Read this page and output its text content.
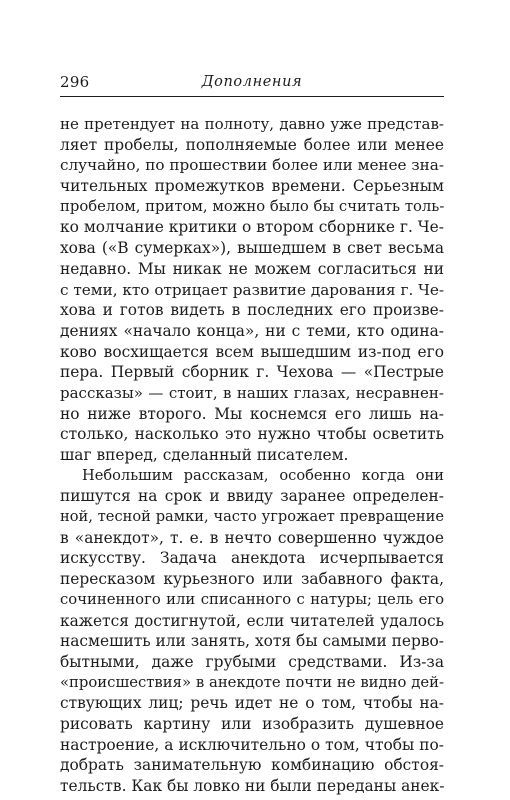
296	Дополнения
не претендует на полноту, давно уже представ-
ляет пробелы, пополняемые более или менее
случайно, по прошествии более или менее зна-
чительных промежутков времени. Серьезным
пробелом, притом, можно было бы считать толь-
ко молчание критики о втором сборнике г. Че-
хова («В сумерках»), вышедшем в свет весьма
недавно. Мы никак не можем согласиться ни
с теми, кто отрицает развитие дарования г. Че-
хова и готов видеть в последних его произве-
дениях «начало конца», ни с теми, кто одина-
ково восхищается всем вышедшим из-под его
пера. Первый сборник г. Чехова — «Пестрые
рассказы» — стоит, в наших глазах, несравнен-
но ниже второго. Мы коснемся его лишь на-
столько, насколько это нужно чтобы осветить
шаг вперед, сделанный писателем.
Небольшим рассказам, особенно когда они
пишутся на срок и ввиду заранее определен-
ной, тесной рамки, часто угрожает превращение
в «анекдот», т. е. в нечто совершенно чуждое
искусству. Задача анекдота исчерпывается
пересказом курьезного или забавного факта,
сочиненного или списанного с натуры; цель его
кажется достигнутой, если читателей удалось
насмешить или занять, хотя бы самыми перво-
бытными, даже грубыми средствами. Из-за
«происшествия» в анекдоте почти не видно дей-
ствующих лиц; речь идет не о том, чтобы на-
рисовать картину или изобразить душевное
настроение, а исключительно о том, чтобы по-
добрать занимательную комбинацию обстоя-
тельств. Как бы ловко ни были переданы анек-
